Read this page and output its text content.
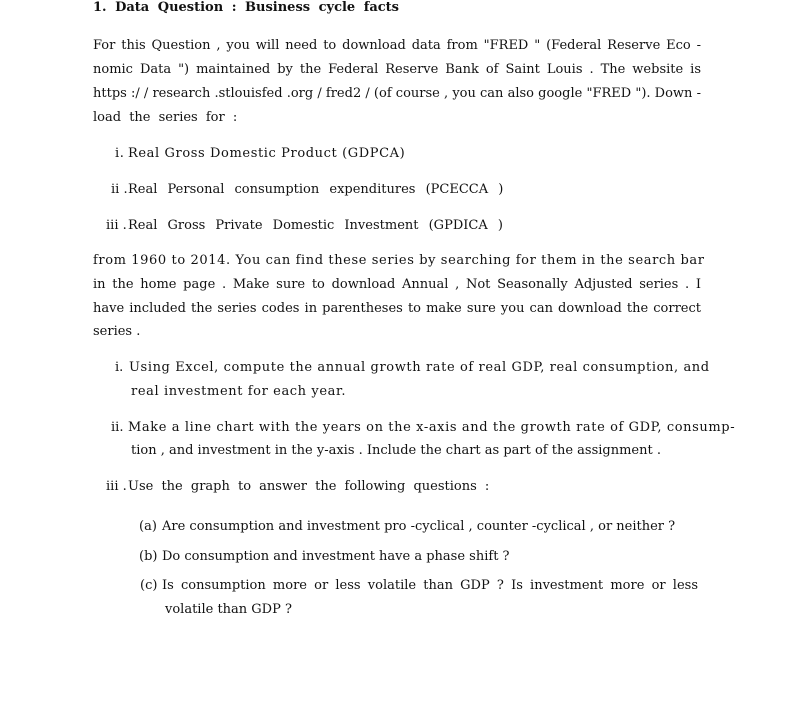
1. Data Question : Business cycle facts
For this Question , you will need to download data from "FRED " (Federal Reserve Eco -
nomic Data ") maintained by the Federal Reserve Bank of Saint Louis . The website is
https :/ / research .stlouisfed .org / fred2 / (of course , you can also google "FRED "). Down -
load the series for :
i. Real Gross Domestic Product (GDPCA)
ii . Real Personal consumption expenditures (PCECCA )
iii . Real Gross Private Domestic Investment (GPDICA )
from 1960 to 2014. You can find these series by searching for them in the search bar
in the home page . Make sure to download Annual , Not Seasonally Adjusted series . I
have included the series codes in parentheses to make sure you can download the correct
series .
i. Using Excel, compute the annual growth rate of real GDP, real consumption, and
real investment for each year.
ii. Make a line chart with the years on the x-axis and the growth rate of GDP, consump-
tion , and investment in the y-axis . Include the chart as part of the assignment .
iii . Use the graph to answer the following questions :
(a) Are consumption and investment pro -cyclical , counter -cyclical , or neither ?
(b) Do consumption and investment have a phase shift ?
(c) Is consumption more or less volatile than GDP ? Is investment more or less
volatile than GDP ?
